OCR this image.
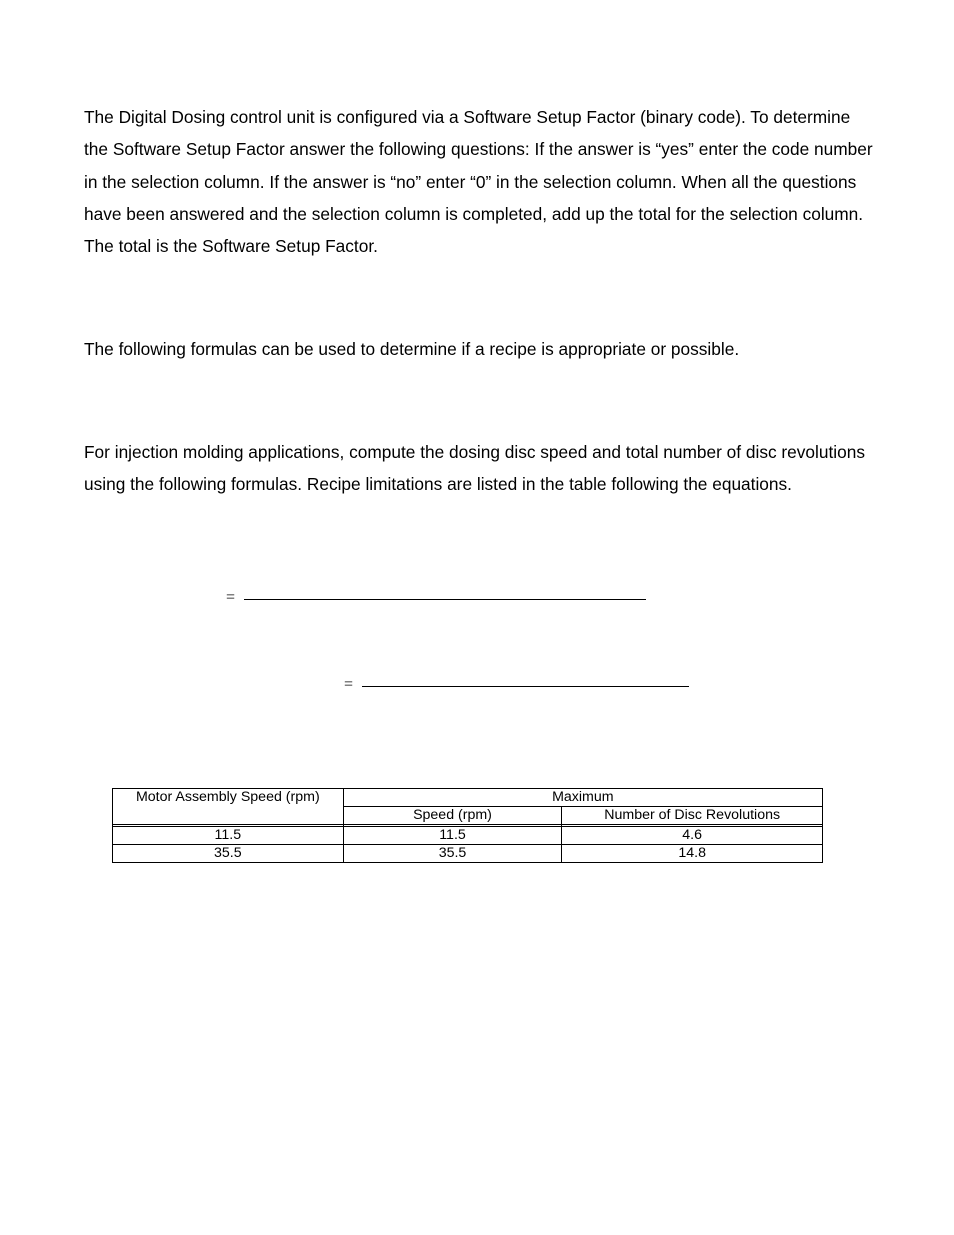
The Digital Dosing control unit is configured via a Software Setup Factor (binary code). To determine the Software Setup Factor answer the following questions: If the answer is “yes” enter the code number in the selection column. If the answer is “no” enter “0” in the selection column. When all the questions have been answered and the selection column is completed, add up the total for the selection column. The total is the Software Setup Factor.

The following formulas can be used to determine if a recipe is appropriate or possible.

For injection molding applications, compute the dosing disc speed and total number of disc revolutions using the following formulas. Recipe limitations are listed in the table following the equations.

=
=
Motor Assembly Speed (rpm)	Maximum	
	Speed (rpm)	Number of Disc Revolutions

11.5	11.5	4.6
35.5	35.5	14.8
